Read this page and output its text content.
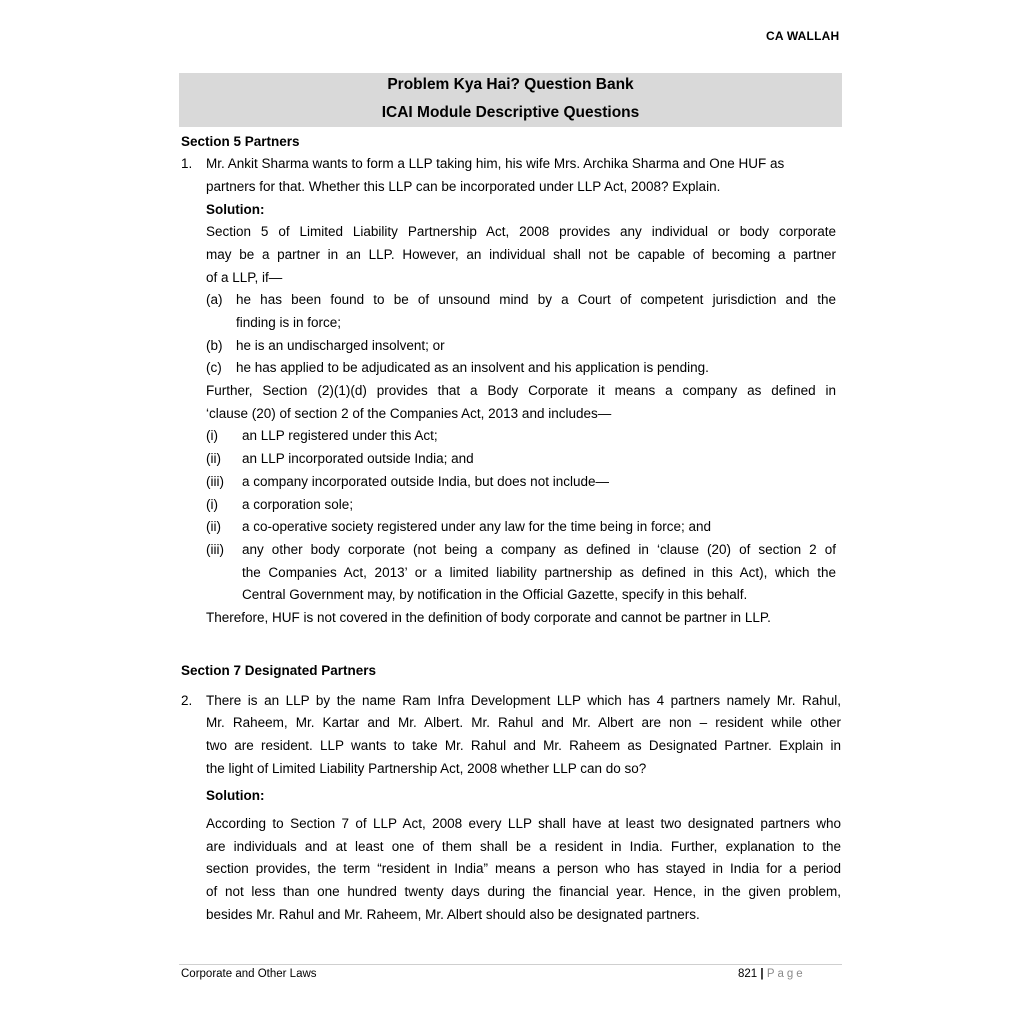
CA WALLAH
Problem Kya Hai? Question Bank
ICAI Module Descriptive Questions
Section 5 Partners
1. Mr. Ankit Sharma wants to form a LLP taking him, his wife Mrs. Archika Sharma and One HUF as
partners for that. Whether this LLP can be incorporated under LLP Act, 2008? Explain.
Solution:
Section 5 of Limited Liability Partnership Act, 2008 provides any individual or body corporate
may be a partner in an LLP. However, an individual shall not be capable of becoming a partner
of a LLP, if—
(a) he has been found to be of unsound mind by a Court of competent jurisdiction and the
finding is in force;
(b) he is an undischarged insolvent; or
(c) he has applied to be adjudicated as an insolvent and his application is pending.
Further, Section (2)(1)(d) provides that a Body Corporate it means a company as defined in
‘clause (20) of section 2 of the Companies Act, 2013 and includes—
(i) an LLP registered under this Act;
(ii) an LLP incorporated outside India; and
(iii) a company incorporated outside India, but does not include—
(i) a corporation sole;
(ii) a co-operative society registered under any law for the time being in force; and
(iii) any other body corporate (not being a company as defined in ‘clause (20) of section 2 of
the Companies Act, 2013’ or a limited liability partnership as defined in this Act), which the
Central Government may, by notification in the Official Gazette, specify in this behalf.
Therefore, HUF is not covered in the definition of body corporate and cannot be partner in LLP.
Section 7 Designated Partners
2. There is an LLP by the name Ram Infra Development LLP which has 4 partners namely Mr. Rahul,
Mr. Raheem, Mr. Kartar and Mr. Albert. Mr. Rahul and Mr. Albert are non – resident while other
two are resident. LLP wants to take Mr. Rahul and Mr. Raheem as Designated Partner. Explain in
the light of Limited Liability Partnership Act, 2008 whether LLP can do so?
Solution:
According to Section 7 of LLP Act, 2008 every LLP shall have at least two designated partners who
are individuals and at least one of them shall be a resident in India. Further, explanation to the
section provides, the term “resident in India” means a person who has stayed in India for a period
of not less than one hundred twenty days during the financial year. Hence, in the given problem,
besides Mr. Rahul and Mr. Raheem, Mr. Albert should also be designated partners.
Corporate and Other Laws	821 | Page
